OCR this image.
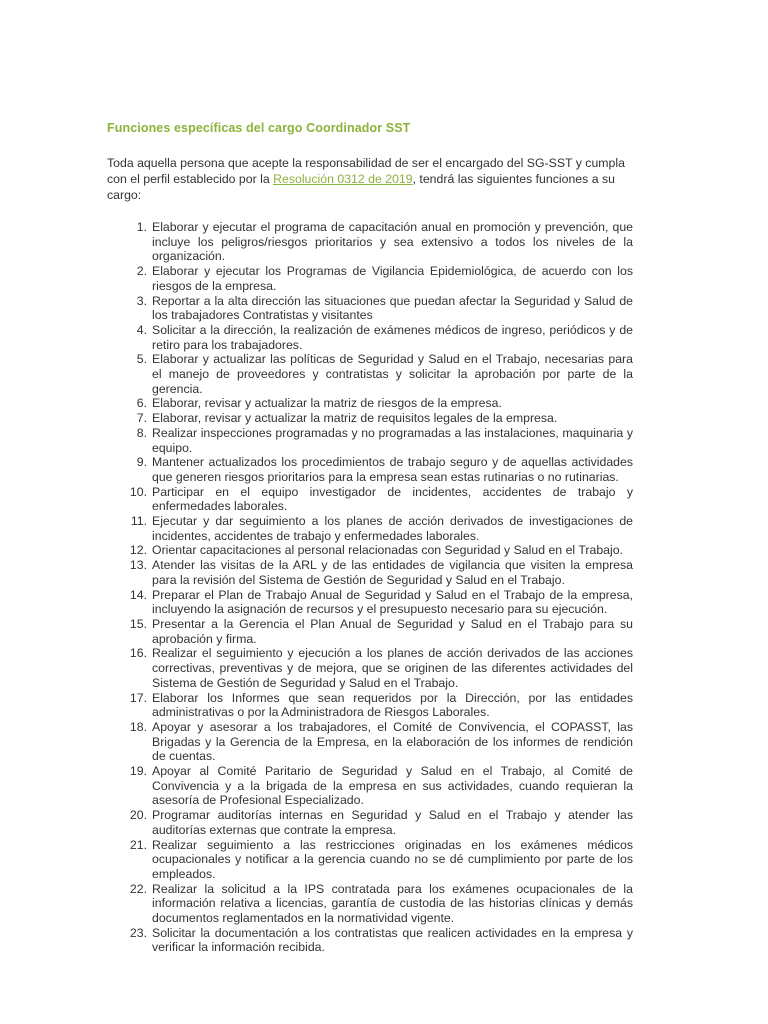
Funciones específicas del cargo Coordinador SST

Toda aquella persona que acepte la responsabilidad de ser el encargado del SG-SST y cumpla con el perfil establecido por la Resolución 0312 de 2019, tendrá las siguientes funciones a su cargo:

1. Elaborar y ejecutar el programa de capacitación anual en promoción y prevención, que incluye los peligros/riesgos prioritarios y sea extensivo a todos los niveles de la organización.
2. Elaborar y ejecutar los Programas de Vigilancia Epidemiológica, de acuerdo con los riesgos de la empresa.
3. Reportar a la alta dirección las situaciones que puedan afectar la Seguridad y Salud de los trabajadores Contratistas y visitantes
4. Solicitar a la dirección, la realización de exámenes médicos de ingreso, periódicos y de retiro para los trabajadores.
5. Elaborar y actualizar las políticas de Seguridad y Salud en el Trabajo, necesarias para el manejo de proveedores y contratistas y solicitar la aprobación por parte de la gerencia.
6. Elaborar, revisar y actualizar la matriz de riesgos de la empresa.
7. Elaborar, revisar y actualizar la matriz de requisitos legales de la empresa.
8. Realizar inspecciones programadas y no programadas a las instalaciones, maquinaria y equipo.
9. Mantener actualizados los procedimientos de trabajo seguro y de aquellas actividades que generen riesgos prioritarios para la empresa sean estas rutinarias o no rutinarias.
10. Participar en el equipo investigador de incidentes, accidentes de trabajo y enfermedades laborales.
11. Ejecutar y dar seguimiento a los planes de acción derivados de investigaciones de incidentes, accidentes de trabajo y enfermedades laborales.
12. Orientar capacitaciones al personal relacionadas con Seguridad y Salud en el Trabajo.
13. Atender las visitas de la ARL y de las entidades de vigilancia que visiten la empresa para la revisión del Sistema de Gestión de Seguridad y Salud en el Trabajo.
14. Preparar el Plan de Trabajo Anual de Seguridad y Salud en el Trabajo de la empresa, incluyendo la asignación de recursos y el presupuesto necesario para su ejecución.
15. Presentar a la Gerencia el Plan Anual de Seguridad y Salud en el Trabajo para su aprobación y firma.
16. Realizar el seguimiento y ejecución a los planes de acción derivados de las acciones correctivas, preventivas y de mejora, que se originen de las diferentes actividades del Sistema de Gestión de Seguridad y Salud en el Trabajo.
17. Elaborar los Informes que sean requeridos por la Dirección, por las entidades administrativas o por la Administradora de Riesgos Laborales.
18. Apoyar y asesorar a los trabajadores, el Comité de Convivencia, el COPASST, las Brigadas y la Gerencia de la Empresa, en la elaboración de los informes de rendición de cuentas.
19. Apoyar al Comité Paritario de Seguridad y Salud en el Trabajo, al Comité de Convivencia y a la brigada de la empresa en sus actividades, cuando requieran la asesoría de Profesional Especializado.
20. Programar auditorías internas en Seguridad y Salud en el Trabajo y atender las auditorías externas que contrate la empresa.
21. Realizar seguimiento a las restricciones originadas en los exámenes médicos ocupacionales y notificar a la gerencia cuando no se dé cumplimiento por parte de los empleados.
22. Realizar la solicitud a la IPS contratada para los exámenes ocupacionales de la información relativa a licencias, garantía de custodia de las historias clínicas y demás documentos reglamentados en la normatividad vigente.
23. Solicitar la documentación a los contratistas que realicen actividades en la empresa y verificar la información recibida.
